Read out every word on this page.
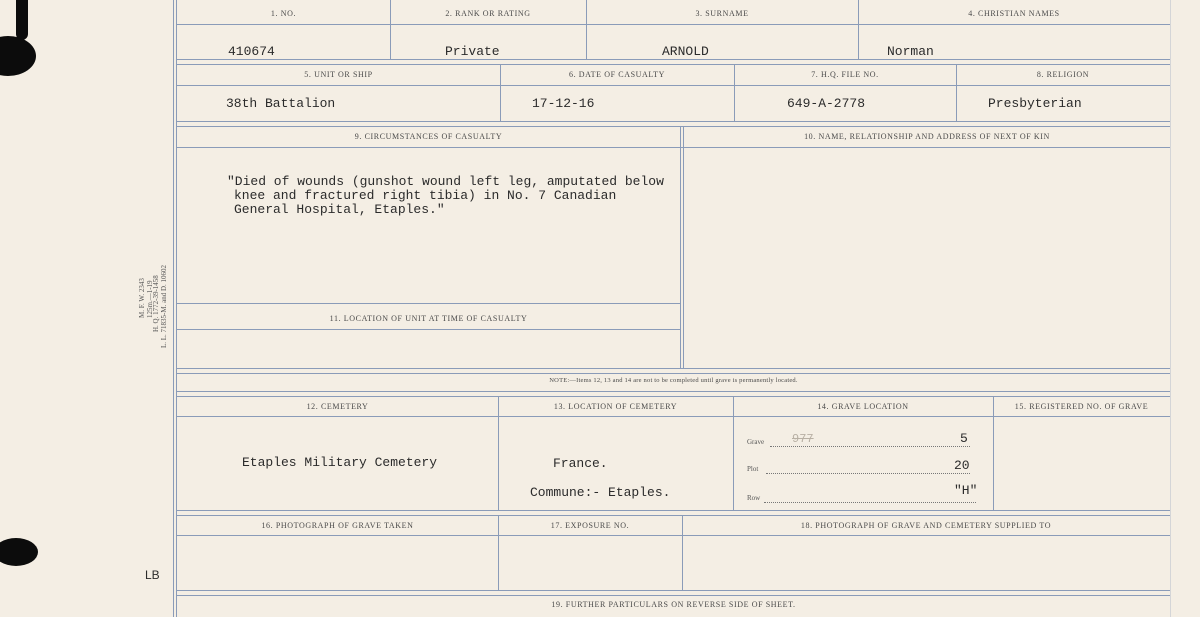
M. F. W. 2343 125m.—1-19
H. Q. 1772-39-1458 L. L. 71835-M. and D. 10602
LB
1. NO.	2. RANK OR RATING	3. SURNAME	4. CHRISTIAN NAMES
410674	Private	ARNOLD	Norman
5. UNIT OR SHIP	6. DATE OF CASUALTY	7. H.Q. FILE NO.	8. RELIGION
38th Battalion	17-12-16	649-A-2778	Presbyterian
9. CIRCUMSTANCES OF CASUALTY	10. NAME, RELATIONSHIP AND ADDRESS OF NEXT OF KIN
11. LOCATION OF UNIT AT TIME OF CASUALTY
"Died of wounds (gunshot wound left leg, amputated below
knee and fractured right tibia) in No. 7 Canadian
General Hospital, Etaples."
NOTE:—Items 12, 13 and 14 are not to be completed until grave is permanently located.
12. CEMETERY	13. LOCATION OF CEMETERY	14. GRAVE LOCATION	15. REGISTERED NO. OF GRAVE
Etaples Military Cemetery	France.
Commune:- Etaples.
Grave 977	5
Plot	20
Row	"H"
16. PHOTOGRAPH OF GRAVE TAKEN	17. EXPOSURE NO.	18. PHOTOGRAPH OF GRAVE AND CEMETERY SUPPLIED TO
19. FURTHER PARTICULARS ON REVERSE SIDE OF SHEET.
